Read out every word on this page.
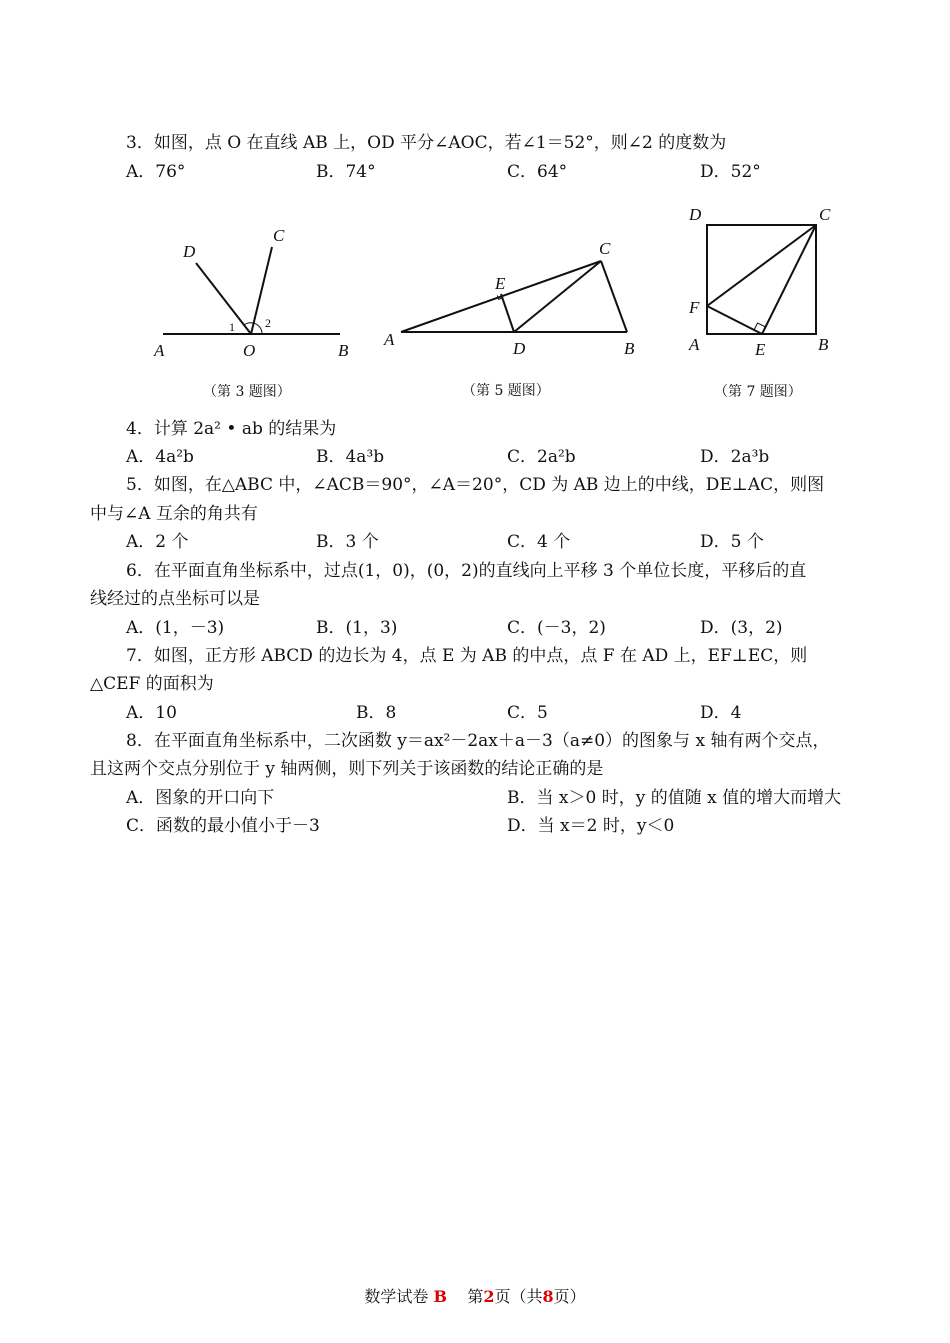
3．如图，点 O 在直线 AB 上，OD 平分∠AOC，若∠1＝52°，则∠2 的度数为
A．76°	B．74°	C．64°	D．52°
A	O	B
C
D
1	2
（第 3 题图）
A	D	B
C
E
（第 5 题图）
A	B
C
D
E
F
（第 7 题图）
4．计算 2a² • ab 的结果为
A．4a²b	B．4a³b	C．2a²b	D．2a³b
5．如图，在△ABC 中，∠ACB＝90°，∠A＝20°，CD 为 AB 边上的中线，DE⊥AC，则图
中与∠A 互余的角共有
A．2 个	B．3 个	C．4 个	D．5 个
6．在平面直角坐标系中，过点(1，0)，(0，2)的直线向上平移 3 个单位长度，平移后的直
线经过的点坐标可以是
A．(1，－3)	B．(1，3)	C．(－3，2)	D．(3，2)
7．如图，正方形 ABCD 的边长为 4，点 E 为 AB 的中点，点 F 在 AD 上，EF⊥EC，则
△CEF 的面积为
A．10	B．8	C．5	D．4
8．在平面直角坐标系中，二次函数 y＝ax²－2ax＋a－3（a≠0）的图象与 x 轴有两个交点，
且这两个交点分别位于 y 轴两侧，则下列关于该函数的结论正确的是
A．图象的开口向下	B．当 x＞0 时，y 的值随 x 值的增大而增大
C．函数的最小值小于－3	D．当 x＝2 时，y＜0
数学试卷 B 第2页（共8页）
